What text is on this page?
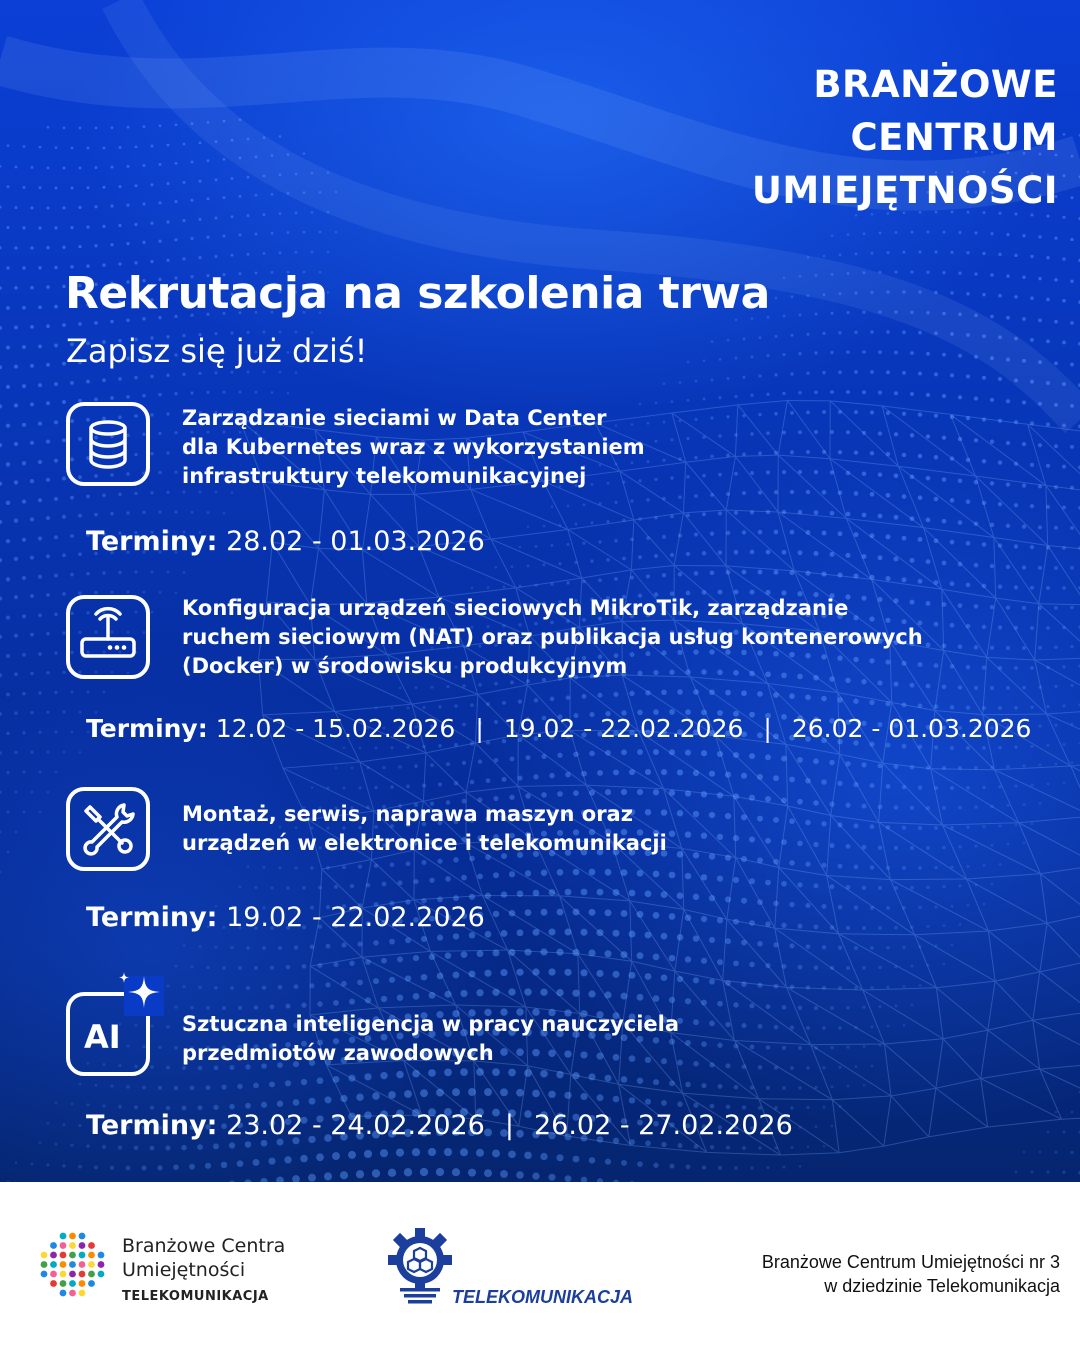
BRANŻOWE
CENTRUM
UMIEJĘTNOŚCI
Rekrutacja na szkolenia trwa
Zapisz się już dziś!
Zarządzanie sieciami w Data Center
dla Kubernetes wraz z wykorzystaniem
infrastruktury telekomunikacyjnej
Terminy: 28.02 - 01.03.2026
Konfiguracja urządzeń sieciowych MikroTik, zarządzanie
ruchem sieciowym (NAT) oraz publikacja usług kontenerowych
(Docker) w środowisku produkcyjnym
Terminy: 12.02 - 15.02.2026 | 19.02 - 22.02.2026 | 26.02 - 01.03.2026
Montaż, serwis, naprawa maszyn oraz
urządzeń w elektronice i telekomunikacji
Terminy: 19.02 - 22.02.2026
AI	Sztuczna inteligencja w pracy nauczyciela
przedmiotów zawodowych
Terminy: 23.02 - 24.02.2026 | 26.02 - 27.02.2026
Branżowe Centra
Umiejętności
TELEKOMUNIKACJA	TELEKOMUNIKACJA
Branżowe Centrum Umiejętności nr 3
w dziedzinie Telekomunikacja
